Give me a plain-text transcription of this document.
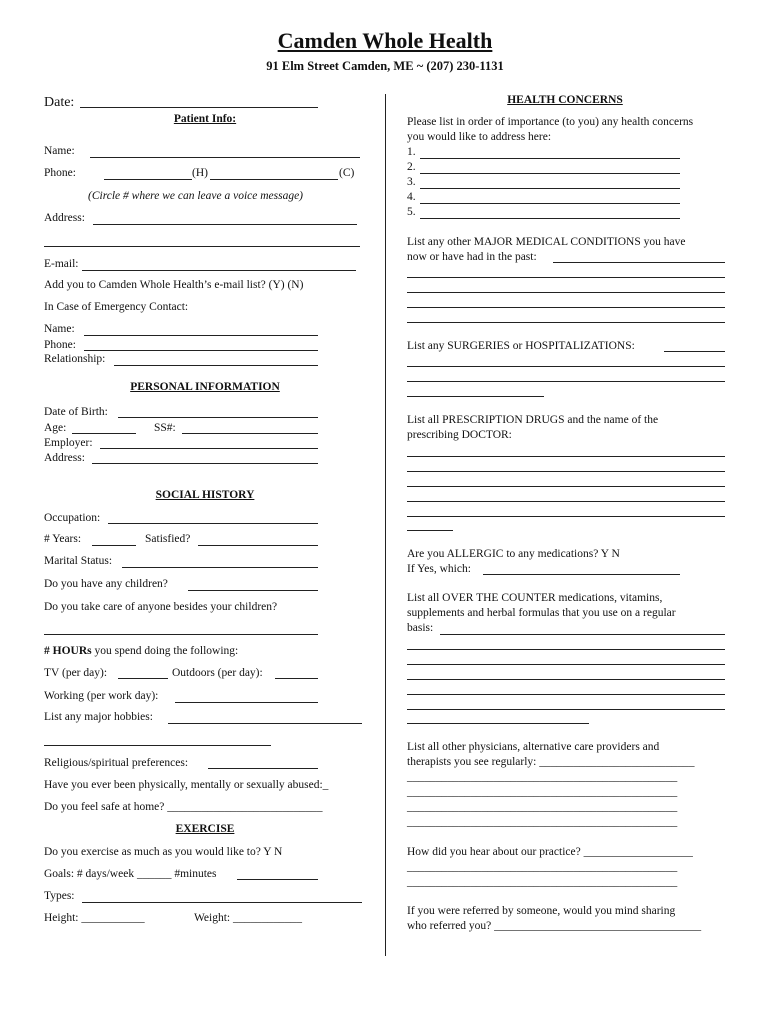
Camden Whole Health
91 Elm Street Camden, ME ~ (207) 230-1131
Date:
Patient Info:
Name:
Phone:	(H)	(C)
(Circle # where we can leave a voice message)
Address:
E-mail:
Add you to Camden Whole Health’s e-mail list? (Y) (N)
In Case of Emergency Contact:
Name:
Phone:
Relationship:
PERSONAL INFORMATION
Date of Birth:
Age:	SS#:
Employer:
Address:
SOCIAL HISTORY
Occupation:
# Years:	Satisfied?
Marital Status:
Do you have any children?
Do you take care of anyone besides your children?
# HOURs you spend doing the following:
TV (per day):	Outdoors (per day):
Working (per work day):
List any major hobbies:
Religious/spiritual preferences:
Have you ever been physically, mentally or sexually abused:_
Do you feel safe at home? ___________________________
EXERCISE
Do you exercise as much as you would like to? Y N
Goals: # days/week ______ #minutes
Types:
Height: ___________	Weight: ____________
HEALTH CONCERNS
Please list in order of importance (to you) any health concerns
you would like to address here:
1.
2.
3.
4.
5.
List any other MAJOR MEDICAL CONDITIONS you have
now or have had in the past:
List any SURGERIES or HOSPITALIZATIONS:
List all PRESCRIPTION DRUGS and the name of the
prescribing DOCTOR:
Are you ALLERGIC to any medications? Y N
If Yes, which:
List all OVER THE COUNTER medications, vitamins,
supplements and herbal formulas that you use on a regular
basis:
List all other physicians, alternative care providers and
therapists you see regularly: ___________________________
_______________________________________________
_______________________________________________
_______________________________________________
_______________________________________________
How did you hear about our practice? ___________________
_______________________________________________
_______________________________________________
If you were referred by someone, would you mind sharing
who referred you? ____________________________________
